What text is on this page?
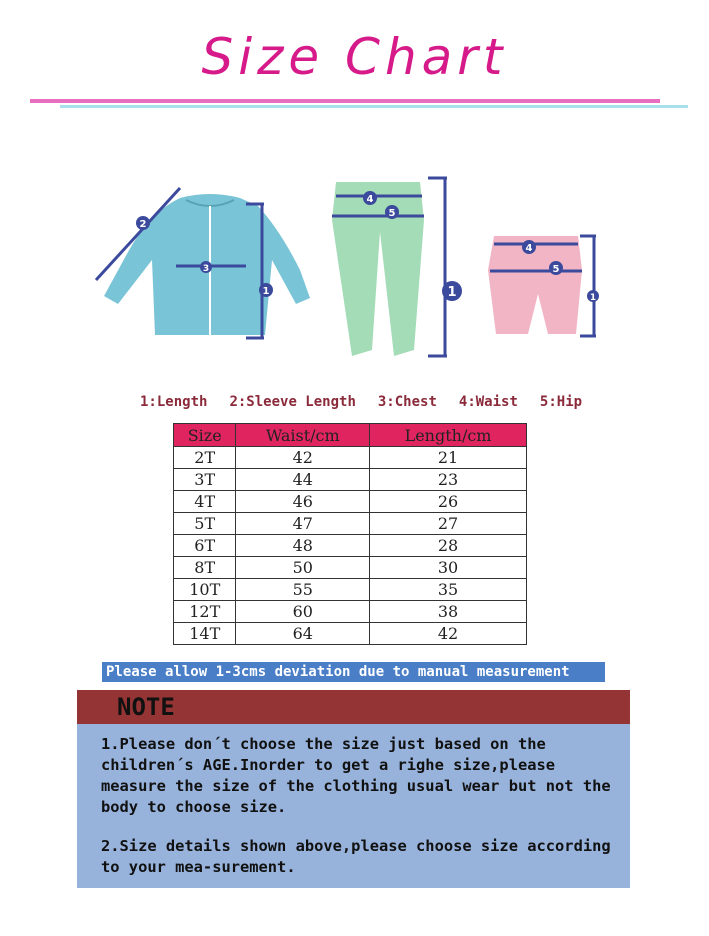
Size Chart
2
3
1
4
5
1
4
5
1
1:Length 2:Sleeve Length 3:Chest 4:Waist 5:Hip
Size	Waist/cm	Length/cm
2T	42	21
3T	44	23
4T	46	26
5T	47	27
6T	48	28
8T	50	30
10T	55	35
12T	60	38
14T	64	42
Please allow 1-3cms deviation due to manual measurement
NOTE

1.Please don´t choose the size just based on the children´s AGE.Inorder to get a righe size,please measure the size of the clothing usual wear but not the body to choose size.

2.Size details shown above,please choose size according to your mea-surement.
